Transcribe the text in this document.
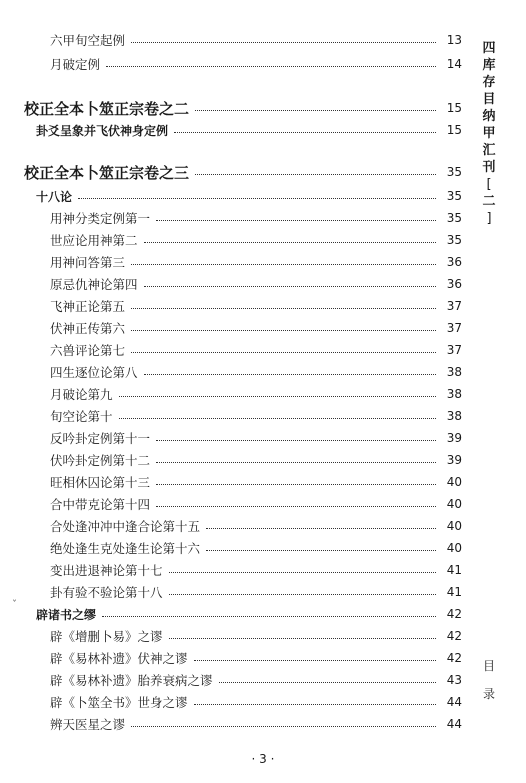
六甲旬空起例	13
月破定例	14
校正全本卜筮正宗卷之二	15
卦爻呈象并飞伏神身定例	15
校正全本卜筮正宗卷之三	35
十八论	35
用神分类定例第一	35
世应论用神第二	35
用神问答第三	36
原忌仇神论第四	36
飞神正论第五	37
伏神正传第六	37
六兽评论第七	37
四生逐位论第八	38
月破论第九	38
旬空论第十	38
反吟卦定例第十一	39
伏吟卦定例第十二	39
旺相休囚论第十三	40
合中带克论第十四	40
合处逢冲冲中逢合论第十五	40
绝处逢生克处逢生论第十六	40
变出进退神论第十七	41
卦有验不验论第十八	41
辟诸书之缪	42
辟《增删卜易》之谬	42
辟《易林补遗》伏神之谬	42
辟《易林补遗》胎养衰病之谬	43
辟《卜筮全书》世身之谬	44
辨天医星之谬	44
四
库
存
目
纳
甲
汇
刊
[
二
]
目
录
ˇ
· 3 ·
